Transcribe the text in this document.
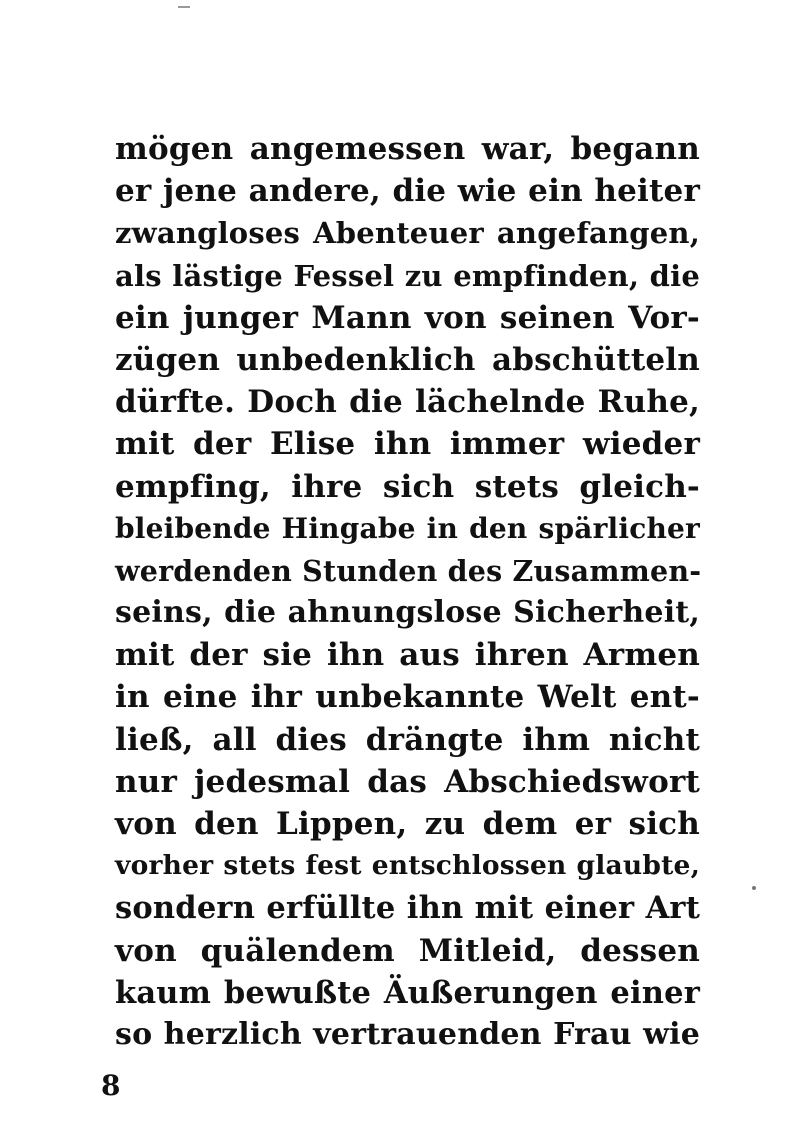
mögen angemessen war, begann
er jene andere, die wie ein heiter
zwangloses Abenteuer angefangen,
als lästige Fessel zu empfinden, die
ein junger Mann von seinen Vor-
zügen unbedenklich abschütteln
dürfte. Doch die lächelnde Ruhe,
mit der Elise ihn immer wieder
empfing, ihre sich stets gleich-
bleibende Hingabe in den spärlicher
werdenden Stunden des Zusammen-
seins, die ahnungslose Sicherheit,
mit der sie ihn aus ihren Armen
in eine ihr unbekannte Welt ent-
ließ, all dies drängte ihm nicht
nur jedesmal das Abschiedswort
von den Lippen, zu dem er sich
vorher stets fest entschlossen glaubte,
sondern erfüllte ihn mit einer Art
von quälendem Mitleid, dessen
kaum bewußte Äußerungen einer
so herzlich vertrauenden Frau wie
8
